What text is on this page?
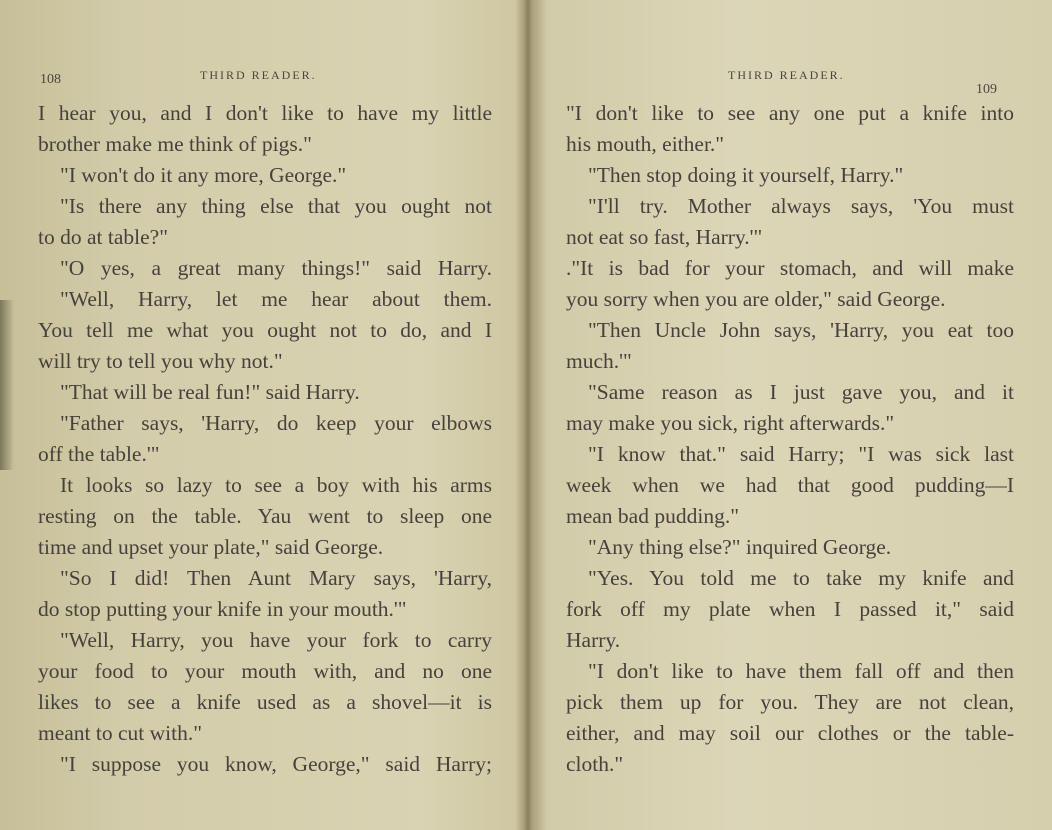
108	THIRD READER.
I hear you, and I don't like to have my little
brother make me think of pigs."
"I won't do it any more, George."
"Is there any thing else that you ought not
to do at table?"
"O yes, a great many things!" said Harry.
"Well, Harry, let me hear about them.
You tell me what you ought not to do, and I
will try to tell you why not."
"That will be real fun!" said Harry.
"Father says, 'Harry, do keep your elbows
off the table.'"
It looks so lazy to see a boy with his arms
resting on the table. Yau went to sleep one
time and upset your plate," said George.
"So I did! Then Aunt Mary says, 'Harry,
do stop putting your knife in your mouth.'"
"Well, Harry, you have your fork to carry
your food to your mouth with, and no one
likes to see a knife used as a shovel—it is
meant to cut with."
"I suppose you know, George," said Harry;
THIRD READER.
109
"I don't like to see any one put a knife into
his mouth, either."
"Then stop doing it yourself, Harry."
"I'll try. Mother always says, 'You must
not eat so fast, Harry.'"
."It is bad for your stomach, and will make
you sorry when you are older," said George.
"Then Uncle John says, 'Harry, you eat too
much.'"
"Same reason as I just gave you, and it
may make you sick, right afterwards."
"I know that." said Harry; "I was sick last
week when we had that good pudding—I
mean bad pudding."
"Any thing else?" inquired George.
"Yes. You told me to take my knife and
fork off my plate when I passed it," said
Harry.
"I don't like to have them fall off and then
pick them up for you. They are not clean,
either, and may soil our clothes or the table-
cloth."
